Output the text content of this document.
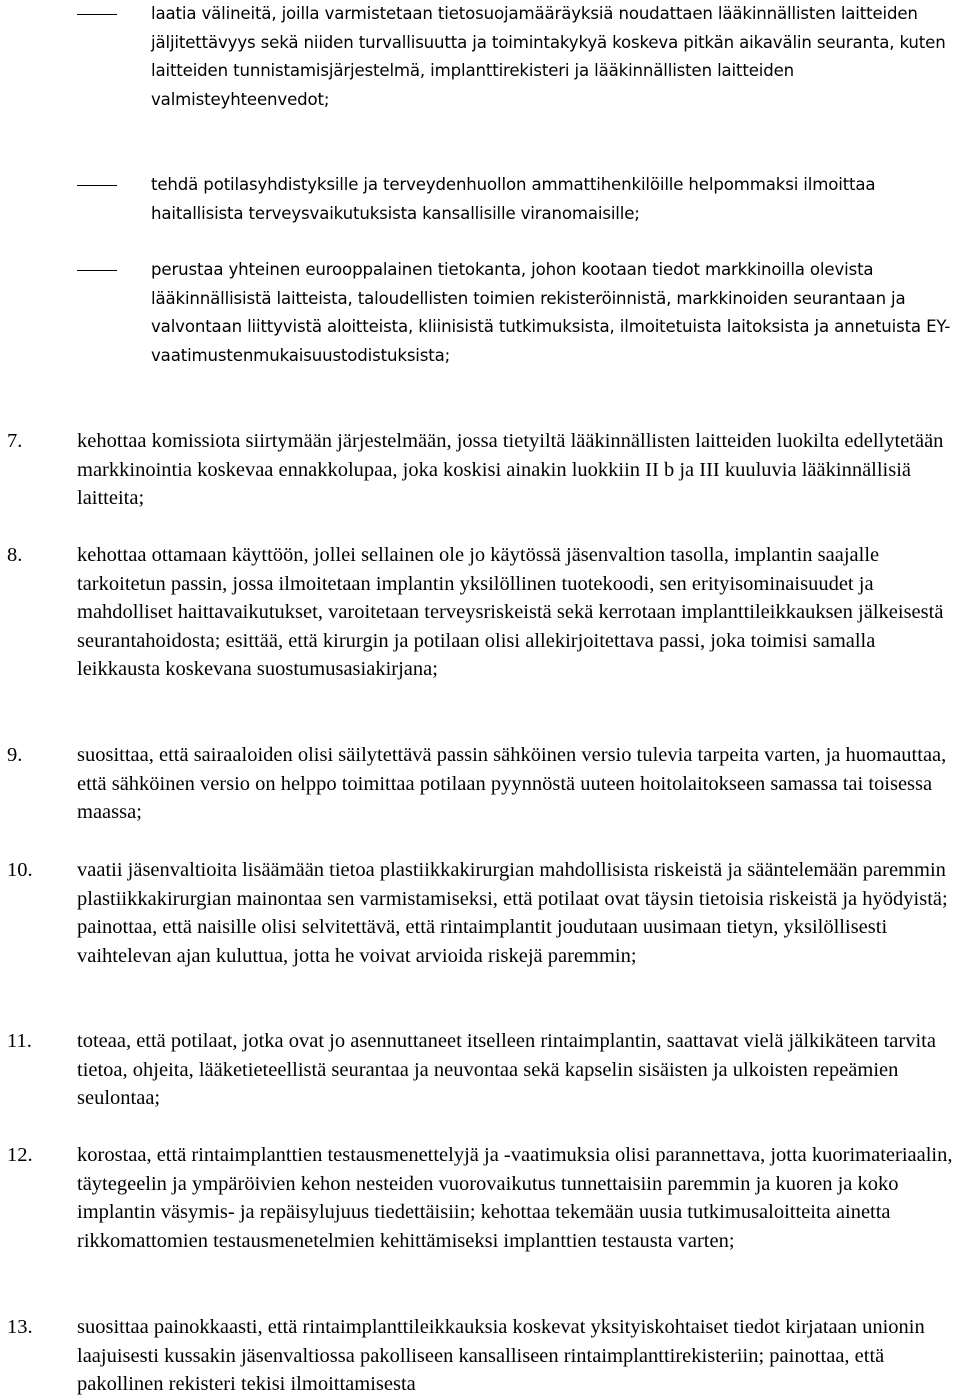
laatia välineitä, joilla varmistetaan tietosuojamääräyksiä noudattaen lääkinnällisten laitteiden jäljitettävyys sekä niiden turvallisuutta ja toimintakykyä koskeva pitkän aikavälin seuranta, kuten laitteiden tunnistamisjärjestelmä, implanttirekisteri ja lääkinnällisten laitteiden valmisteyhteenvedot;

tehdä potilasyhdistyksille ja terveydenhuollon ammattihenkilöille helpommaksi ilmoittaa haitallisista terveysvaikutuksista kansallisille viranomaisille;

perustaa yhteinen eurooppalainen tietokanta, johon kootaan tiedot markkinoilla olevista lääkinnällisistä laitteista, taloudellisten toimien rekisteröinnistä, markkinoiden seurantaan ja valvontaan liittyvistä aloitteista, kliinisistä tutkimuksista, ilmoitetuista laitoksista ja annetuista EY-vaatimustenmukaisuustodistuksista;

7.	kehottaa komissiota siirtymään järjestelmään, jossa tietyiltä lääkinnällisten laitteiden luokilta edellytetään markkinointia koskevaa ennakkolupaa, joka koskisi ainakin luokkiin II b ja III kuuluvia lääkinnällisiä laitteita;

8.	kehottaa ottamaan käyttöön, jollei sellainen ole jo käytössä jäsenvaltion tasolla, implantin saajalle tarkoitetun passin, jossa ilmoitetaan implantin yksilöllinen tuotekoodi, sen erityisominaisuudet ja mahdolliset haittavaikutukset, varoitetaan terveysriskeistä sekä kerrotaan implanttileikkauksen jälkeisestä seurantahoidosta; esittää, että kirurgin ja potilaan olisi allekirjoitettava passi, joka toimisi samalla leikkausta koskevana suostumusasiakirjana;

9.	suosittaa, että sairaaloiden olisi säilytettävä passin sähköinen versio tulevia tarpeita varten, ja huomauttaa, että sähköinen versio on helppo toimittaa potilaan pyynnöstä uuteen hoitolaitokseen samassa tai toisessa maassa;

10. vaatii jäsenvaltioita lisäämään tietoa plastiikkakirurgian mahdollisista riskeistä ja sääntelemään paremmin plastiikkakirurgian mainontaa sen varmistamiseksi, että potilaat ovat täysin tietoisia riskeistä ja hyödyistä; painottaa, että naisille olisi selvitettävä, että rintaimplantit joudutaan uusimaan tietyn, yksilöllisesti vaihtelevan ajan kuluttua, jotta he voivat arvioida riskejä paremmin;

11. toteaa, että potilaat, jotka ovat jo asennuttaneet itselleen rintaimplantin, saattavat vielä jälkikäteen tarvita tietoa, ohjeita, lääketieteellistä seurantaa ja neuvontaa sekä kapselin sisäisten ja ulkoisten repeämien seulontaa;

12. korostaa, että rintaimplanttien testausmenettelyjä ja -vaatimuksia olisi parannettava, jotta kuorimateriaalin, täytegeelin ja ympäröivien kehon nesteiden vuorovaikutus tunnettaisiin paremmin ja kuoren ja koko implantin väsymis- ja repäisylujuus tiedettäisiin; kehottaa tekemään uusia tutkimusaloitteita ainetta rikkomattomien testausmenetelmien kehittämiseksi implanttien testausta varten;

13. suosittaa painokkaasti, että rintaimplanttileikkauksia koskevat yksityiskohtaiset tiedot kirjataan unionin laajuisesti kussakin jäsenvaltiossa pakolliseen kansalliseen rintaimplanttirekisteriin; painottaa, että pakollinen rekisteri tekisi ilmoittamisesta
